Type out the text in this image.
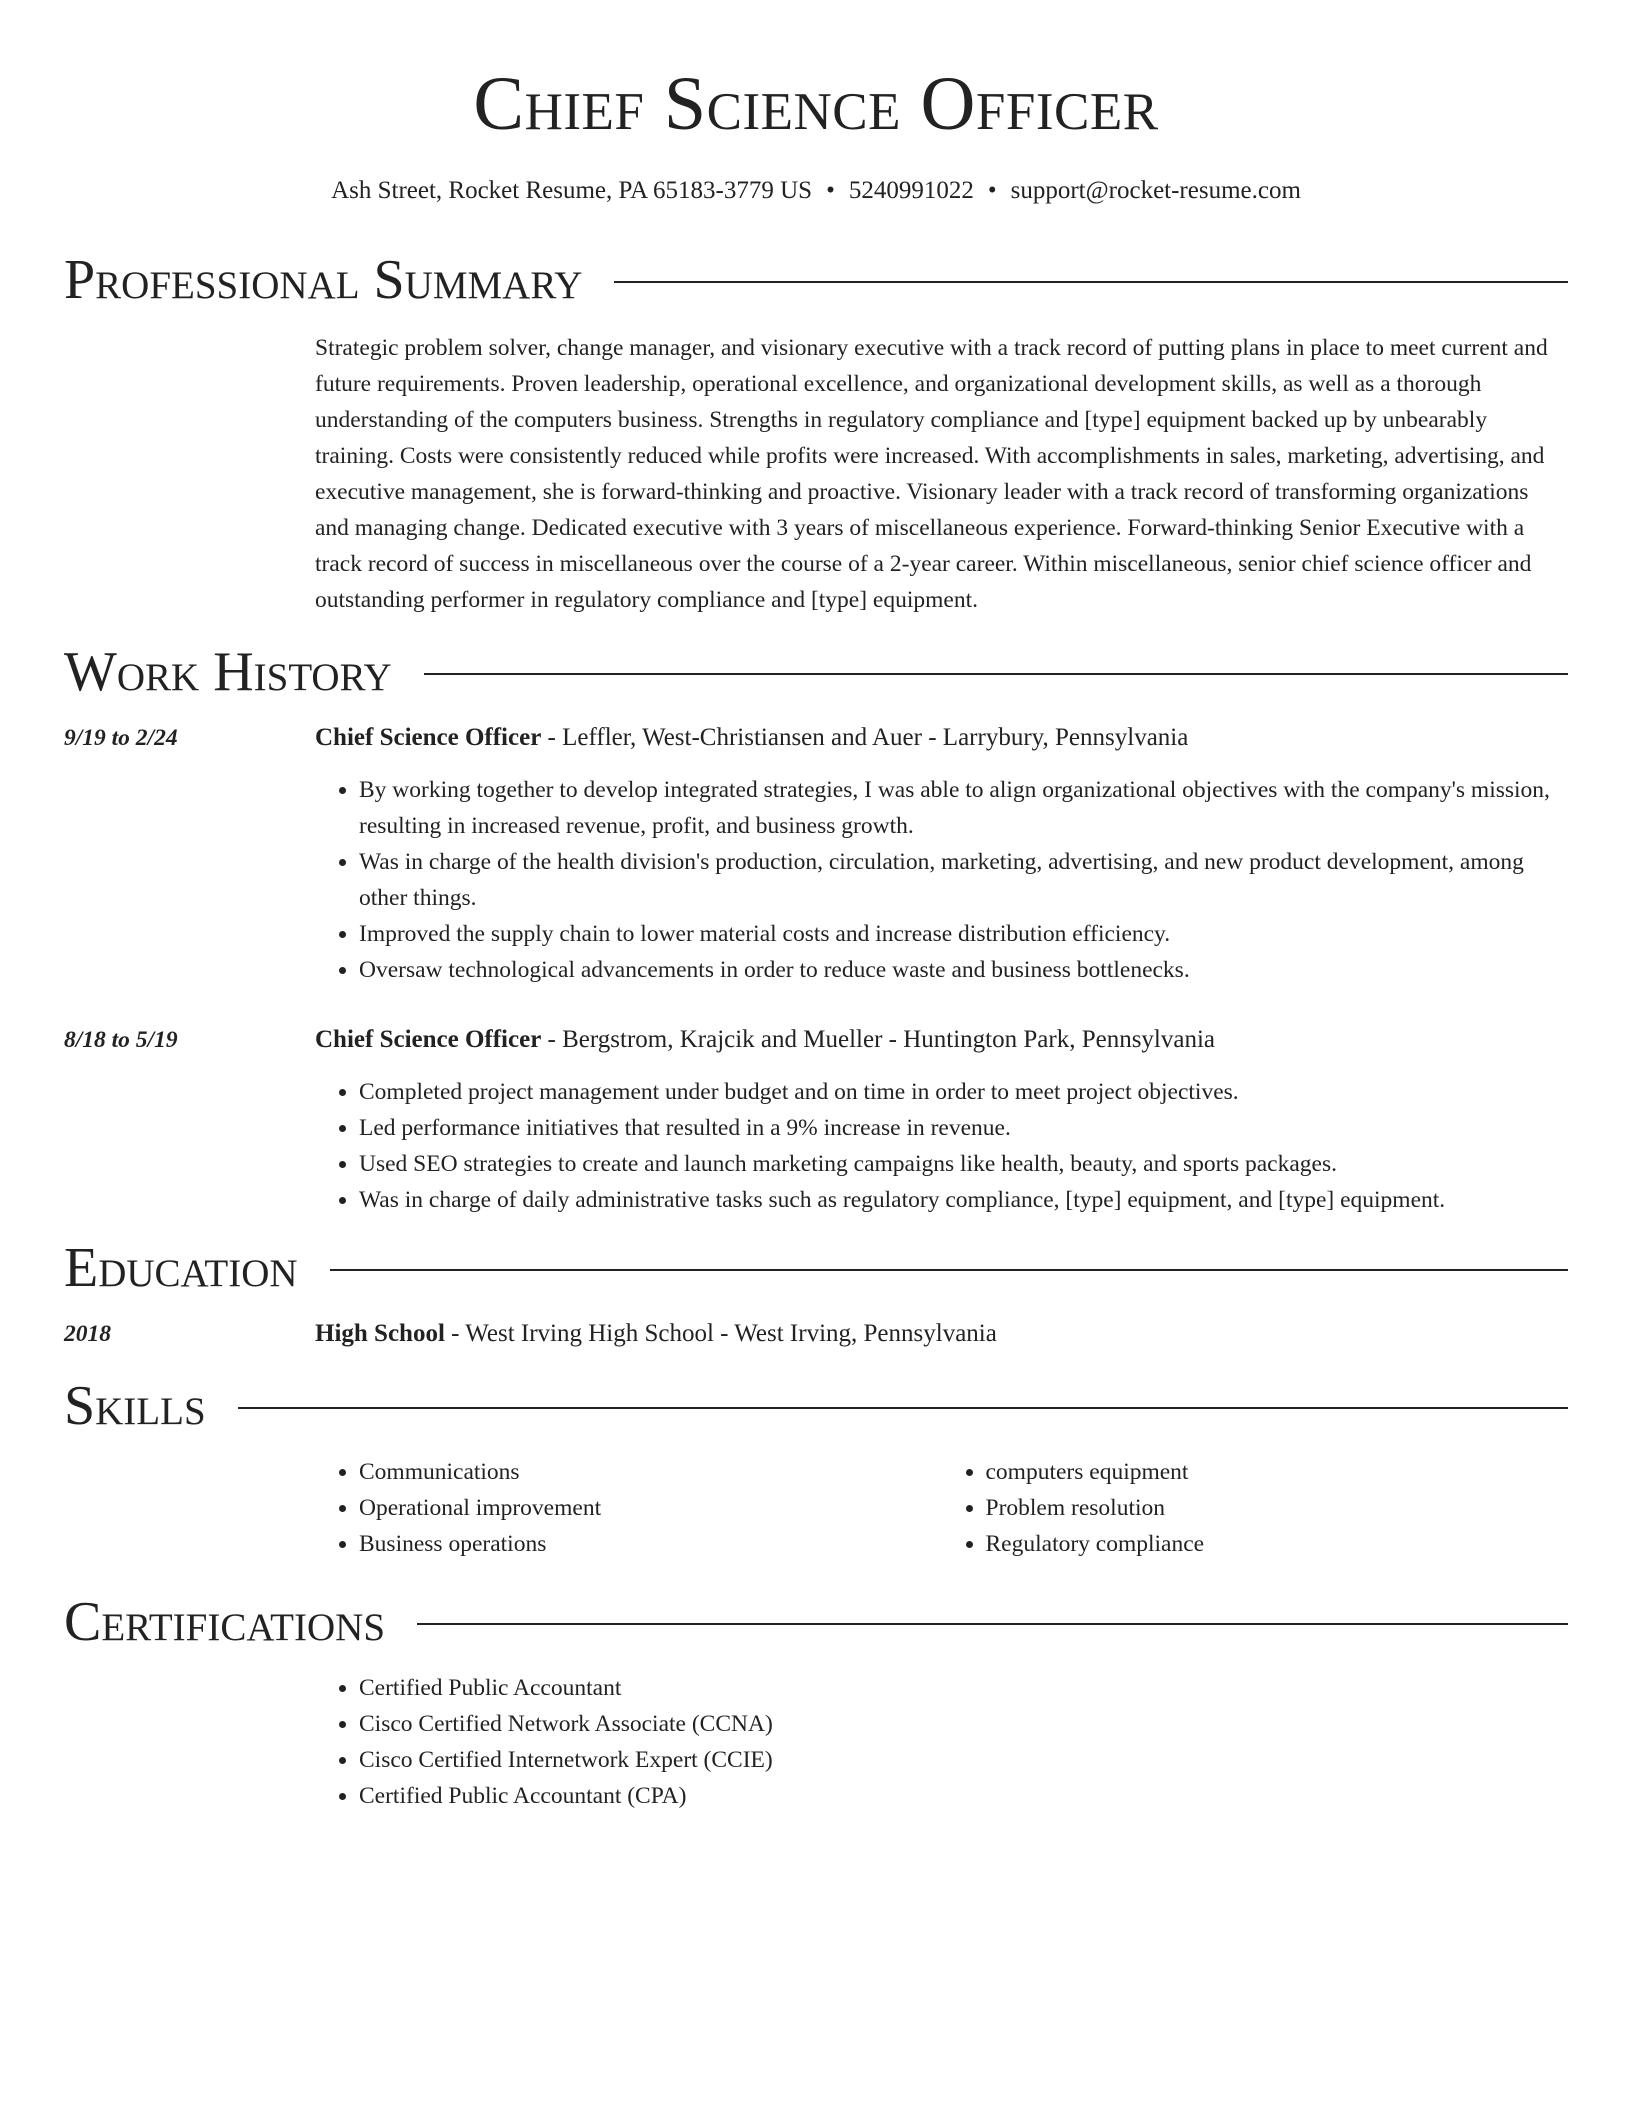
Chief Science Officer
Ash Street, Rocket Resume, PA 65183-3779 US • 5240991022 • support@rocket-resume.com
Professional Summary
Strategic problem solver, change manager, and visionary executive with a track record of putting plans in place to meet current and future requirements. Proven leadership, operational excellence, and organizational development skills, as well as a thorough understanding of the computers business. Strengths in regulatory compliance and [type] equipment backed up by unbearably training. Costs were consistently reduced while profits were increased. With accomplishments in sales, marketing, advertising, and executive management, she is forward-thinking and proactive. Visionary leader with a track record of transforming organizations and managing change. Dedicated executive with 3 years of miscellaneous experience. Forward-thinking Senior Executive with a track record of success in miscellaneous over the course of a 2-year career. Within miscellaneous, senior chief science officer and outstanding performer in regulatory compliance and [type] equipment.
Work History
9/19 to 2/24	Chief Science Officer - Leffler, West-Christiansen and Auer - Larrybury, Pennsylvania
• By working together to develop integrated strategies, I was able to align organizational objectives with the company's mission, resulting in increased revenue, profit, and business growth.
• Was in charge of the health division's production, circulation, marketing, advertising, and new product development, among other things.
• Improved the supply chain to lower material costs and increase distribution efficiency.
• Oversaw technological advancements in order to reduce waste and business bottlenecks.
8/18 to 5/19	Chief Science Officer - Bergstrom, Krajcik and Mueller - Huntington Park, Pennsylvania
• Completed project management under budget and on time in order to meet project objectives.
• Led performance initiatives that resulted in a 9% increase in revenue.
• Used SEO strategies to create and launch marketing campaigns like health, beauty, and sports packages.
• Was in charge of daily administrative tasks such as regulatory compliance, [type] equipment, and [type] equipment.
Education
2018	High School - West Irving High School - West Irving, Pennsylvania
Skills
• Communications
• Operational improvement
• Business operations
• computers equipment
• Problem resolution
• Regulatory compliance
Certifications
• Certified Public Accountant
• Cisco Certified Network Associate (CCNA)
• Cisco Certified Internetwork Expert (CCIE)
• Certified Public Accountant (CPA)
